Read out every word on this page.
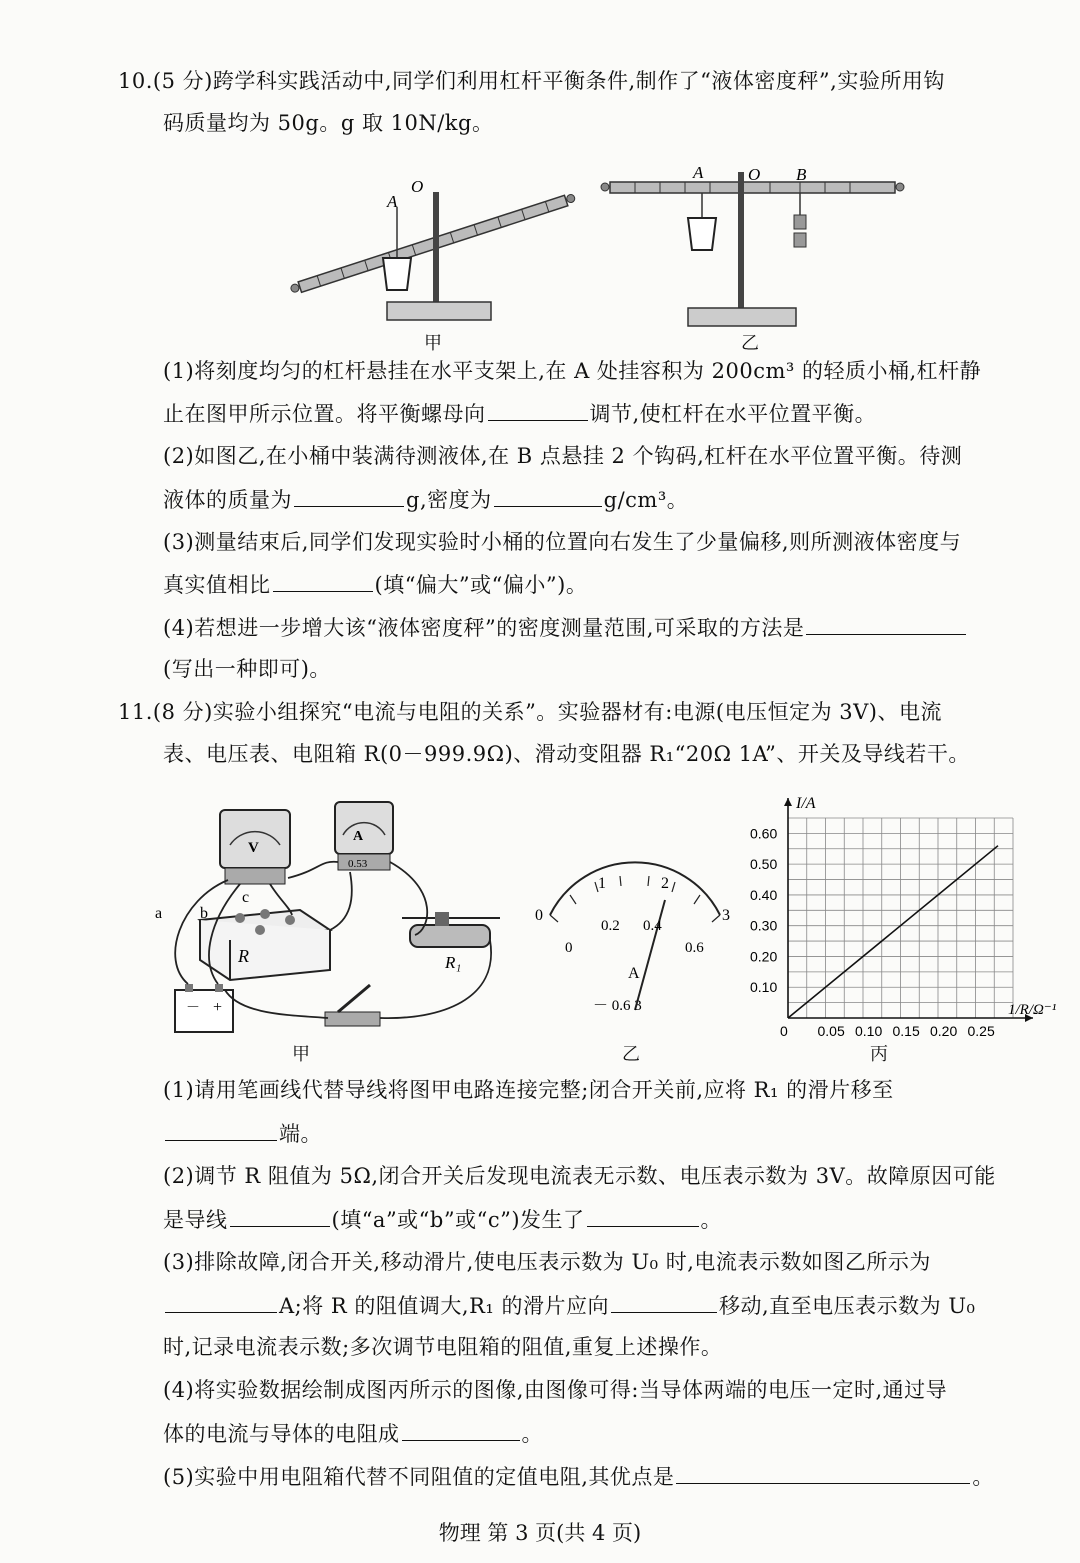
10.(5 分)跨学科实践活动中,同学们利用杠杆平衡条件,制作了“液体密度秤”,实验所用钩
码质量均为 50g。g 取 10N/kg。
A
O
甲
A	O B
乙
(1)将刻度均匀的杠杆悬挂在水平支架上,在 A 处挂容积为 200cm³ 的轻质小桶,杠杆静
止在图甲所示位置。将平衡螺母向	调节,使杠杆在水平位置平衡。
(2)如图乙,在小桶中装满待测液体,在 B 点悬挂 2 个钩码,杠杆在水平位置平衡。待测
液体的质量为	g,密度为	g/cm³。
(3)测量结束后,同学们发现实验时小桶的位置向右发生了少量偏移,则所测液体密度与
真实值相比	(填“偏大”或“偏小”)。
(4)若想进一步增大该“液体密度秤”的密度测量范围,可采取的方法是
(写出一种即可)。
11.(8 分)实验小组探究“电流与电阻的关系”。实验器材有:电源(电压恒定为 3V)、电流
表、电压表、电阻箱 R(0－999.9Ω)、滑动变阻器 R₁“20Ω 1A”、开关及导线若干。
V
A
0.53
R
－ +
R₁
a b
c
甲
0
1	2
3
0
0.2 0.4
0.6
A
－ 0.6 3
乙
0.10
0.20
0.30
0.40
0.50
0.60
0 0.05 0.10 0.15 0.20 0.25
I/A
1/R/Ω⁻¹
丙
(1)请用笔画线代替导线将图甲电路连接完整;闭合开关前,应将 R₁ 的滑片移至
端。
(2)调节 R 阻值为 5Ω,闭合开关后发现电流表无示数、电压表示数为 3V。故障原因可能
是导线	(填“a”或“b”或“c”)发生了	。
(3)排除故障,闭合开关,移动滑片,使电压表示数为 U₀ 时,电流表示数如图乙所示为
A;将 R 的阻值调大,R₁ 的滑片应向	移动,直至电压表示数为 U₀
时,记录电流表示数;多次调节电阻箱的阻值,重复上述操作。
(4)将实验数据绘制成图丙所示的图像,由图像可得:当导体两端的电压一定时,通过导
体的电流与导体的电阻成	。
(5)实验中用电阻箱代替不同阻值的定值电阻,其优点是	。
物理 第 3 页(共 4 页)
